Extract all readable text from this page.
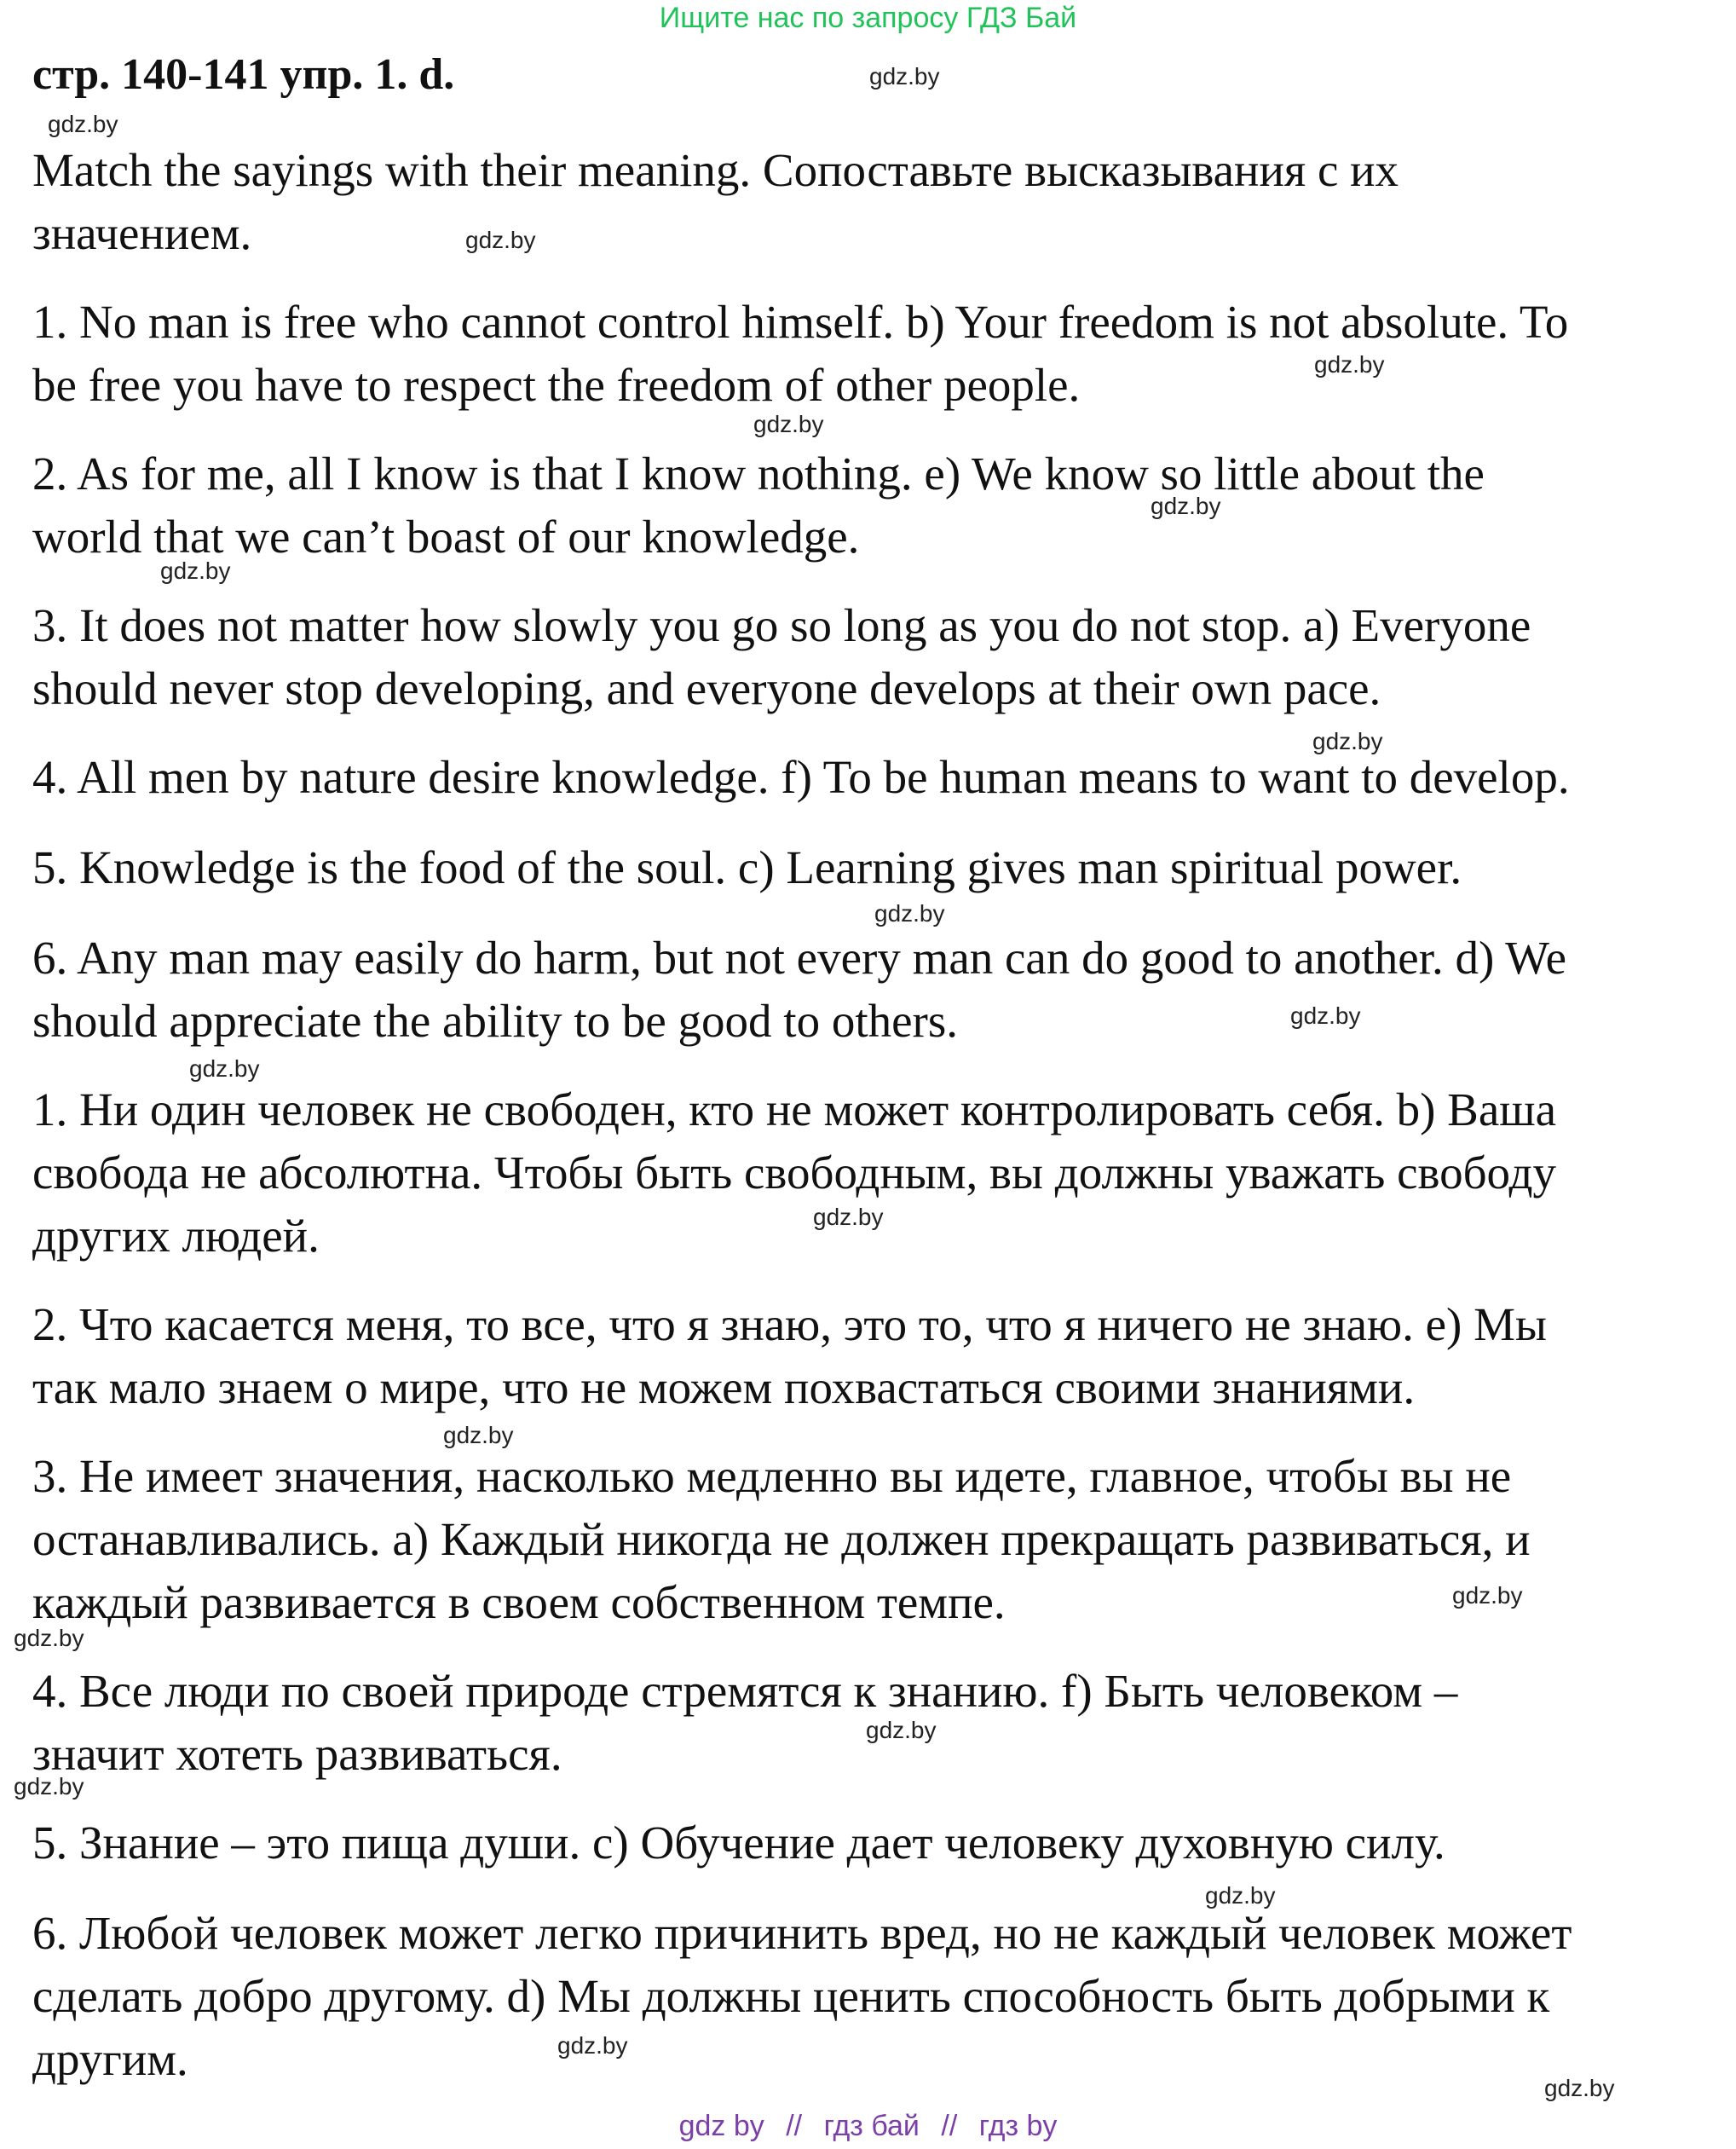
Ищите нас по запросу ГДЗ Бай
стр. 140-141 упр. 1. d.
Match the sayings with their meaning. Сопоставьте высказывания с их
значением.
1. No man is free who cannot control himself. b) Your freedom is not absolute. To
be free you have to respect the freedom of other people.
2. As for me, all I know is that I know nothing. e) We know so little about the
world that we can’t boast of our knowledge.
3. It does not matter how slowly you go so long as you do not stop. a) Everyone
should never stop developing, and everyone develops at their own pace.
4. All men by nature desire knowledge. f) To be human means to want to develop.
5. Knowledge is the food of the soul. c) Learning gives man spiritual power.
6. Any man may easily do harm, but not every man can do good to another. d) We
should appreciate the ability to be good to others.
1. Ни один человек не свободен, кто не может контролировать себя. b) Ваша
свобода не абсолютна. Чтобы быть свободным, вы должны уважать свободу
других людей.
2. Что касается меня, то все, что я знаю, это то, что я ничего не знаю. e) Мы
так мало знаем о мире, что не можем похвастаться своими знаниями.
3. Не имеет значения, насколько медленно вы идете, главное, чтобы вы не
останавливались. a) Каждый никогда не должен прекращать развиваться, и
каждый развивается в своем собственном темпе.
4. Все люди по своей природе стремятся к знанию. f) Быть человеком –
значит хотеть развиваться.
5. Знание – это пища души. c) Обучение дает человеку духовную силу.
6. Любой человек может легко причинить вред, но не каждый человек может
сделать добро другому. d) Мы должны ценить способность быть добрыми к
другим.
gdz.by
gdz.by
gdz.by
gdz.by
gdz.by
gdz.by
gdz.by
gdz.by
gdz.by
gdz.by
gdz.by
gdz.by
gdz.by
gdz.by
gdz.by
gdz.by
gdz.by
gdz.by
gdz.by
gdz.by
gdz by // гдз бай // гдз by
